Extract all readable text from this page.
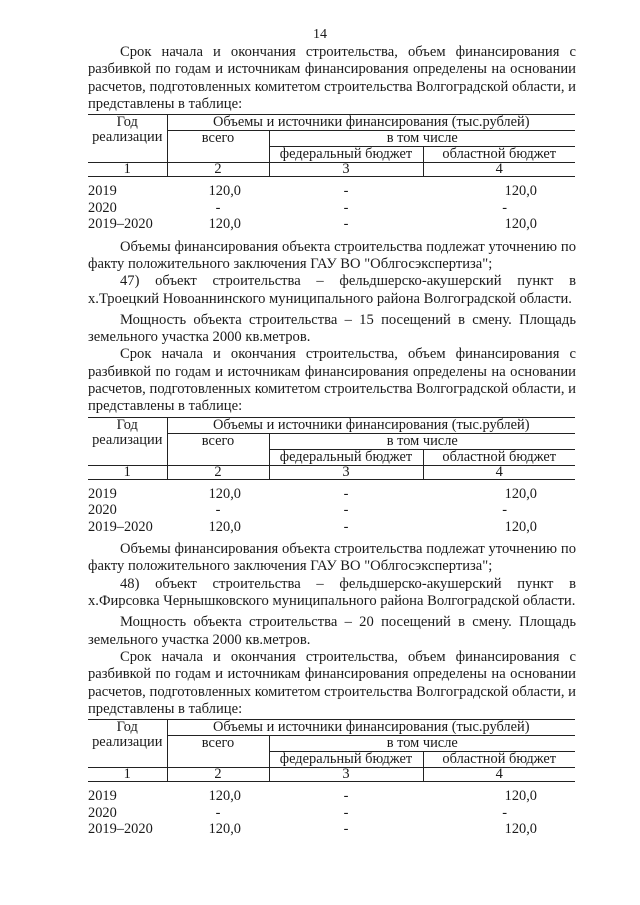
14

Срок начала и окончания строительства, объем финансирования с разбивкой по годам и источникам финансирования определены на основании расчетов, подготовленных комитетом строительства Волгоградской области, и представлены в таблице:

Год реализации	Объемы и источники финансирования (тыс.рублей)		
	всего	в том числе	
		федеральный бюджет	областной бюджет
1	2	3	4

2019	120,0	-	120,0
2020	-	-	-
2019–2020	120,0	-	120,0

Объемы финансирования объекта строительства подлежат уточнению по факту положительного заключения ГАУ ВО "Облгосэкспертиза";

47) объект строительства – фельдшерско-акушерский пункт в х.Троецкий Новоаннинского муниципального района Волгоградской области.

Мощность объекта строительства – 15 посещений в смену. Площадь земельного участка 2000 кв.метров.

Срок начала и окончания строительства, объем финансирования с разбивкой по годам и источникам финансирования определены на основании расчетов, подготовленных комитетом строительства Волгоградской области, и представлены в таблице:

Год реализации	Объемы и источники финансирования (тыс.рублей)		
	всего	в том числе	
		федеральный бюджет	областной бюджет
1	2	3	4

2019	120,0	-	120,0
2020	-	-	-
2019–2020	120,0	-	120,0

Объемы финансирования объекта строительства подлежат уточнению по факту положительного заключения ГАУ ВО "Облгосэкспертиза";

48) объект строительства – фельдшерско-акушерский пункт в х.Фирсовка Чернышковского муниципального района Волгоградской области.

Мощность объекта строительства – 20 посещений в смену. Площадь земельного участка 2000 кв.метров.

Срок начала и окончания строительства, объем финансирования с разбивкой по годам и источникам финансирования определены на основании расчетов, подготовленных комитетом строительства Волгоградской области, и представлены в таблице:

Год реализации	Объемы и источники финансирования (тыс.рублей)		
	всего	в том числе	
		федеральный бюджет	областной бюджет
1	2	3	4

2019	120,0	-	120,0
2020	-	-	-
2019–2020	120,0	-	120,0
